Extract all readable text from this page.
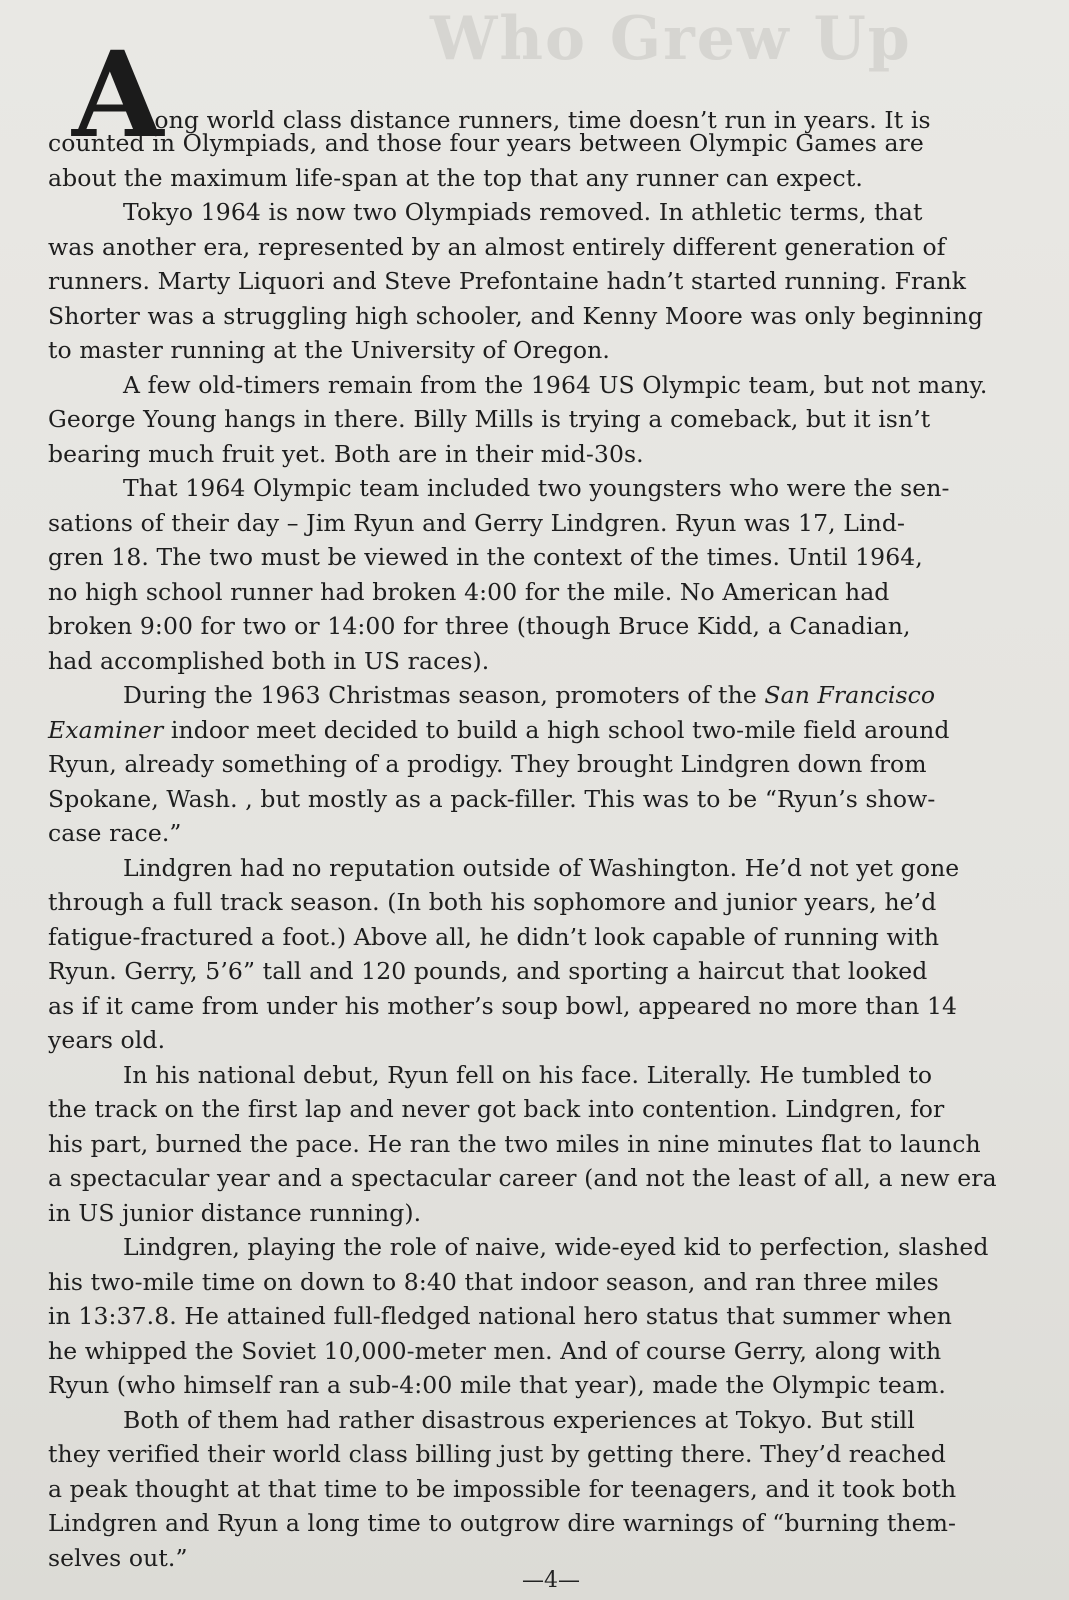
Who Grew Up
A
mong world class distance runners, time doesn’t run in years. It is
counted in Olympiads, and those four years between Olympic Games are
about the maximum life-span at the top that any runner can expect.
Tokyo 1964 is now two Olympiads removed. In athletic terms, that
was another era, represented by an almost entirely different generation of
runners. Marty Liquori and Steve Prefontaine hadn’t started running. Frank
Shorter was a struggling high schooler, and Kenny Moore was only beginning
to master running at the University of Oregon.
A few old-timers remain from the 1964 US Olympic team, but not many.
George Young hangs in there. Billy Mills is trying a comeback, but it isn’t
bearing much fruit yet. Both are in their mid-30s.
That 1964 Olympic team included two youngsters who were the sen-
sations of their day – Jim Ryun and Gerry Lindgren. Ryun was 17, Lind-
gren 18. The two must be viewed in the context of the times. Until 1964,
no high school runner had broken 4:00 for the mile. No American had
broken 9:00 for two or 14:00 for three (though Bruce Kidd, a Canadian,
had accomplished both in US races).
During the 1963 Christmas season, promoters of the San Francisco
Examiner indoor meet decided to build a high school two-mile field around
Ryun, already something of a prodigy. They brought Lindgren down from
Spokane, Wash. , but mostly as a pack-filler. This was to be “Ryun’s show-
case race.”
Lindgren had no reputation outside of Washington. He’d not yet gone
through a full track season. (In both his sophomore and junior years, he’d
fatigue-fractured a foot.) Above all, he didn’t look capable of running with
Ryun. Gerry, 5’6” tall and 120 pounds, and sporting a haircut that looked
as if it came from under his mother’s soup bowl, appeared no more than 14
years old.
In his national debut, Ryun fell on his face. Literally. He tumbled to
the track on the first lap and never got back into contention. Lindgren, for
his part, burned the pace. He ran the two miles in nine minutes flat to launch
a spectacular year and a spectacular career (and not the least of all, a new era
in US junior distance running).
Lindgren, playing the role of naive, wide-eyed kid to perfection, slashed
his two-mile time on down to 8:40 that indoor season, and ran three miles
in 13:37.8. He attained full-fledged national hero status that summer when
he whipped the Soviet 10,000-meter men. And of course Gerry, along with
Ryun (who himself ran a sub-4:00 mile that year), made the Olympic team.
Both of them had rather disastrous experiences at Tokyo. But still
they verified their world class billing just by getting there. They’d reached
a peak thought at that time to be impossible for teenagers, and it took both
Lindgren and Ryun a long time to outgrow dire warnings of “burning them-
selves out.”
—4—
